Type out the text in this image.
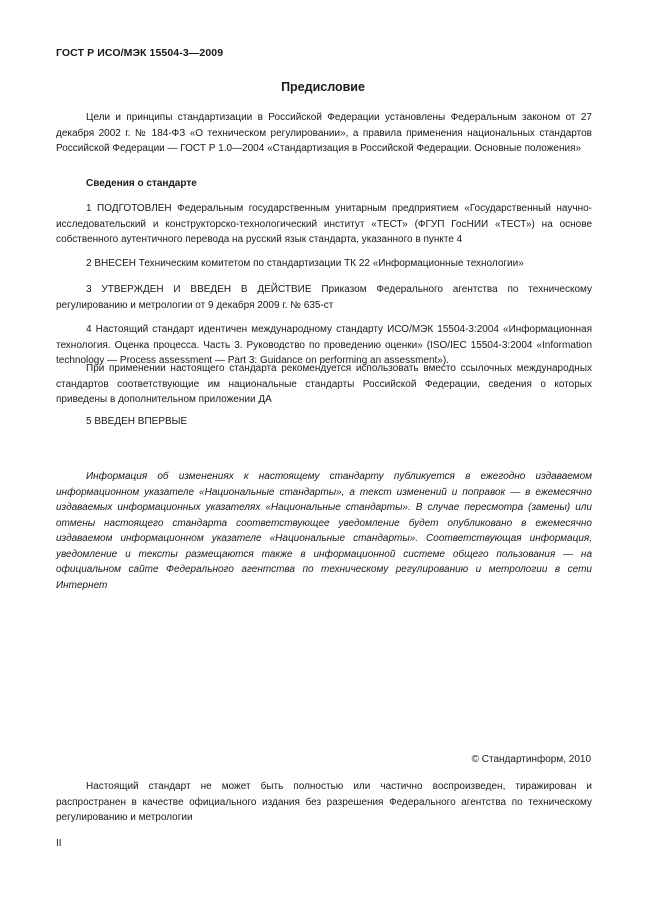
ГОСТ Р ИСО/МЭК 15504-3—2009
Предисловие

Цели и принципы стандартизации в Российской Федерации установлены Федеральным законом от 27 декабря 2002 г. № 184-ФЗ «О техническом регулировании», а правила применения национальных стандартов Российской Федерации — ГОСТ Р 1.0—2004 «Стандартизация в Российской Федерации. Основные положения»

Сведения о стандарте

1 ПОДГОТОВЛЕН Федеральным государственным унитарным предприятием «Государственный научно-исследовательский и конструкторско-технологический институт «ТЕСТ» (ФГУП ГосНИИ «ТЕСТ») на основе собственного аутентичного перевода на русский язык стандарта, указанного в пункте 4

2 ВНЕСЕН Техническим комитетом по стандартизации ТК 22 «Информационные технологии»

3 УТВЕРЖДЕН И ВВЕДЕН В ДЕЙСТВИЕ Приказом Федерального агентства по техническому регулированию и метрологии от 9 декабря 2009 г. № 635-ст

4 Настоящий стандарт идентичен международному стандарту ИСО/МЭК 15504-3:2004 «Информационная технология. Оценка процесса. Часть 3. Руководство по проведению оценки» (ISO/IEC 15504-3:2004 «Information technology — Process assessment — Part 3: Guidance on performing an assessment»).

При применении настоящего стандарта рекомендуется использовать вместо ссылочных международных стандартов соответствующие им национальные стандарты Российской Федерации, сведения о которых приведены в дополнительном приложении ДА

5 ВВЕДЕН ВПЕРВЫЕ

Информация об изменениях к настоящему стандарту публикуется в ежегодно издаваемом информационном указателе «Национальные стандарты», а текст изменений и поправок — в ежемесячно издаваемых информационных указателях «Национальные стандарты». В случае пересмотра (замены) или отмены настоящего стандарта соответствующее уведомление будет опубликовано в ежемесячно издаваемом информационном указателе «Национальные стандарты». Соответствующая информация, уведомление и тексты размещаются также в информационной системе общего пользования — на официальном сайте Федерального агентства по техническому регулированию и метрологии в сети Интернет

© Стандартинформ, 2010

Настоящий стандарт не может быть полностью или частично воспроизведен, тиражирован и распространен в качестве официального издания без разрешения Федерального агентства по техническому регулированию и метрологии

II
